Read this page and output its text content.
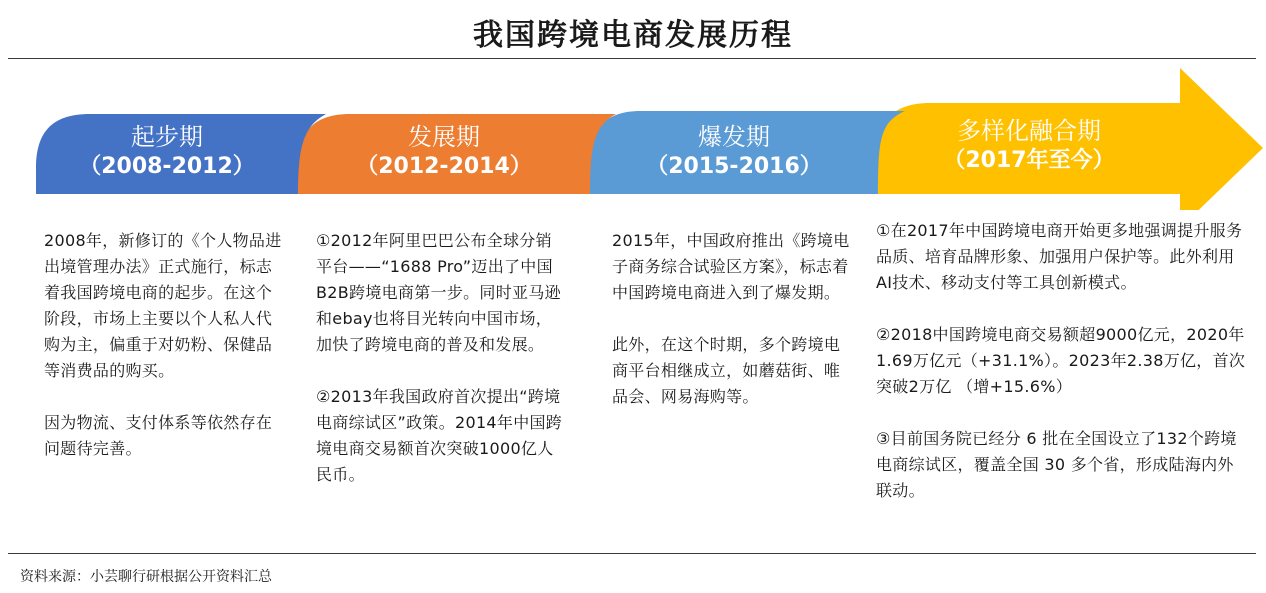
我国跨境电商发展历程
起步期
（2008-2012）
发展期
（2012-2014）
爆发期
（2015-2016）
多样化融合期
（2017年至今）

2008年，新修订的《个人物品进出境管理办法》正式施行，标志着我国跨境电商的起步。在这个阶段，市场上主要以个人私人代购为主，偏重于对奶粉、保健品等消费品的购买。

因为物流、支付体系等依然存在问题待完善。

①2012年阿里巴巴公布全球分销平台——“1688 Pro”迈出了中国B2B跨境电商第一步。同时亚马逊和ebay也将目光转向中国市场，加快了跨境电商的普及和发展。

②2013年我国政府首次提出“跨境电商综试区”政策。2014年中国跨境电商交易额首次突破1000亿人民币。

2015年，中国政府推出《跨境电子商务综合试验区方案》，标志着中国跨境电商进入到了爆发期。

此外，在这个时期，多个跨境电商平台相继成立，如蘑菇街、唯品会、网易海购等。

①在2017年中国跨境电商开始更多地强调提升服务品质、培育品牌形象、加强用户保护等。此外利用AI技术、移动支付等工具创新模式。

②2018中国跨境电商交易额超9000亿元，2020年1.69万亿元（+31.1%）。2023年2.38万亿，首次突破2万亿 （增+15.6%）

③目前国务院已经分 6 批在全国设立了132个跨境电商综试区，覆盖全国 30 多个省，形成陆海内外联动。

资料来源：小芸聊行研根据公开资料汇总
